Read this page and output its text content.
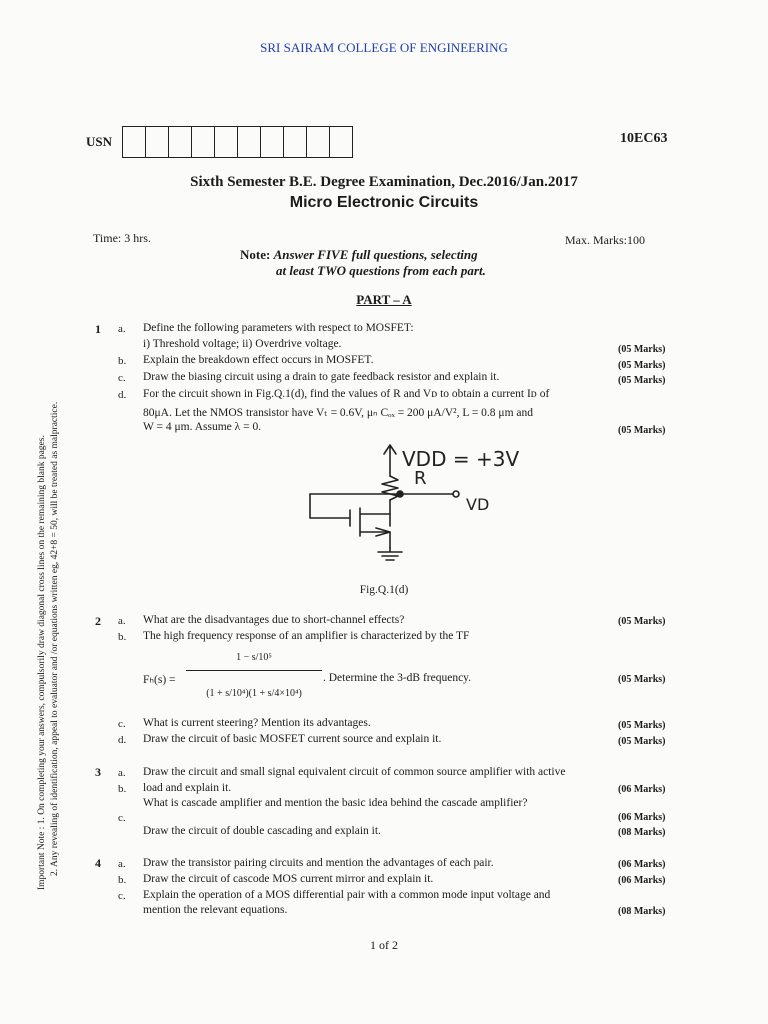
SRI SAIRAM COLLEGE OF ENGINEERING
USN	10EC63
Sixth Semester B.E. Degree Examination, Dec.2016/Jan.2017
Micro Electronic Circuits
Time: 3 hrs.	Max. Marks:100
Note: Answer FIVE full questions, selecting
at least TWO questions from each part.
PART – A
Important Note : 1. On completing your answers, compulsorily draw diagonal cross lines on the remaining blank pages. 2. Any revealing of identification, appeal to evaluator and /or equations written eg, 42+8 = 50, will be treated as malpractice.
1 a. Define the following parameters with respect to MOSFET:
i) Threshold voltage; ii) Overdrive voltage.	(05 Marks)
b. Explain the breakdown effect occurs in MOSFET.	(05 Marks)
c. Draw the biasing circuit using a drain to gate feedback resistor and explain it.	(05 Marks)
d. For the circuit shown in Fig.Q.1(d), find the values of R and Vᴅ to obtain a current Iᴅ of
80μA. Let the NMOS transistor have Vₜ = 0.6V, μₙ Cₒₓ = 200 μA/V², L = 0.8 μm and
W = 4 μm. Assume λ = 0.	(05 Marks)
VDD = +3V
R
VD
Fig.Q.1(d)
2 a. What are the disadvantages due to short-channel effects?	(05 Marks)
b. The high frequency response of an amplifier is characterized by the TF
Fₕ(s) =
1 − s/10⁵
(1 + s/10⁴)(1 + s/4×10⁴)
. Determine the 3-dB frequency.	(05 Marks)
c. What is current steering? Mention its advantages.	(05 Marks)
d. Draw the circuit of basic MOSFET current source and explain it.	(05 Marks)
3 a. Draw the circuit and small signal equivalent circuit of common source amplifier with active
b. load and explain it.	(06 Marks)
What is cascade amplifier and mention the basic idea behind the cascade amplifier?
c.	(06 Marks)
Draw the circuit of double cascading and explain it.	(08 Marks)
4 a. Draw the transistor pairing circuits and mention the advantages of each pair.	(06 Marks)
b. Draw the circuit of cascode MOS current mirror and explain it.	(06 Marks)
c. Explain the operation of a MOS differential pair with a common mode input voltage and
mention the relevant equations.	(08 Marks)
1 of 2
